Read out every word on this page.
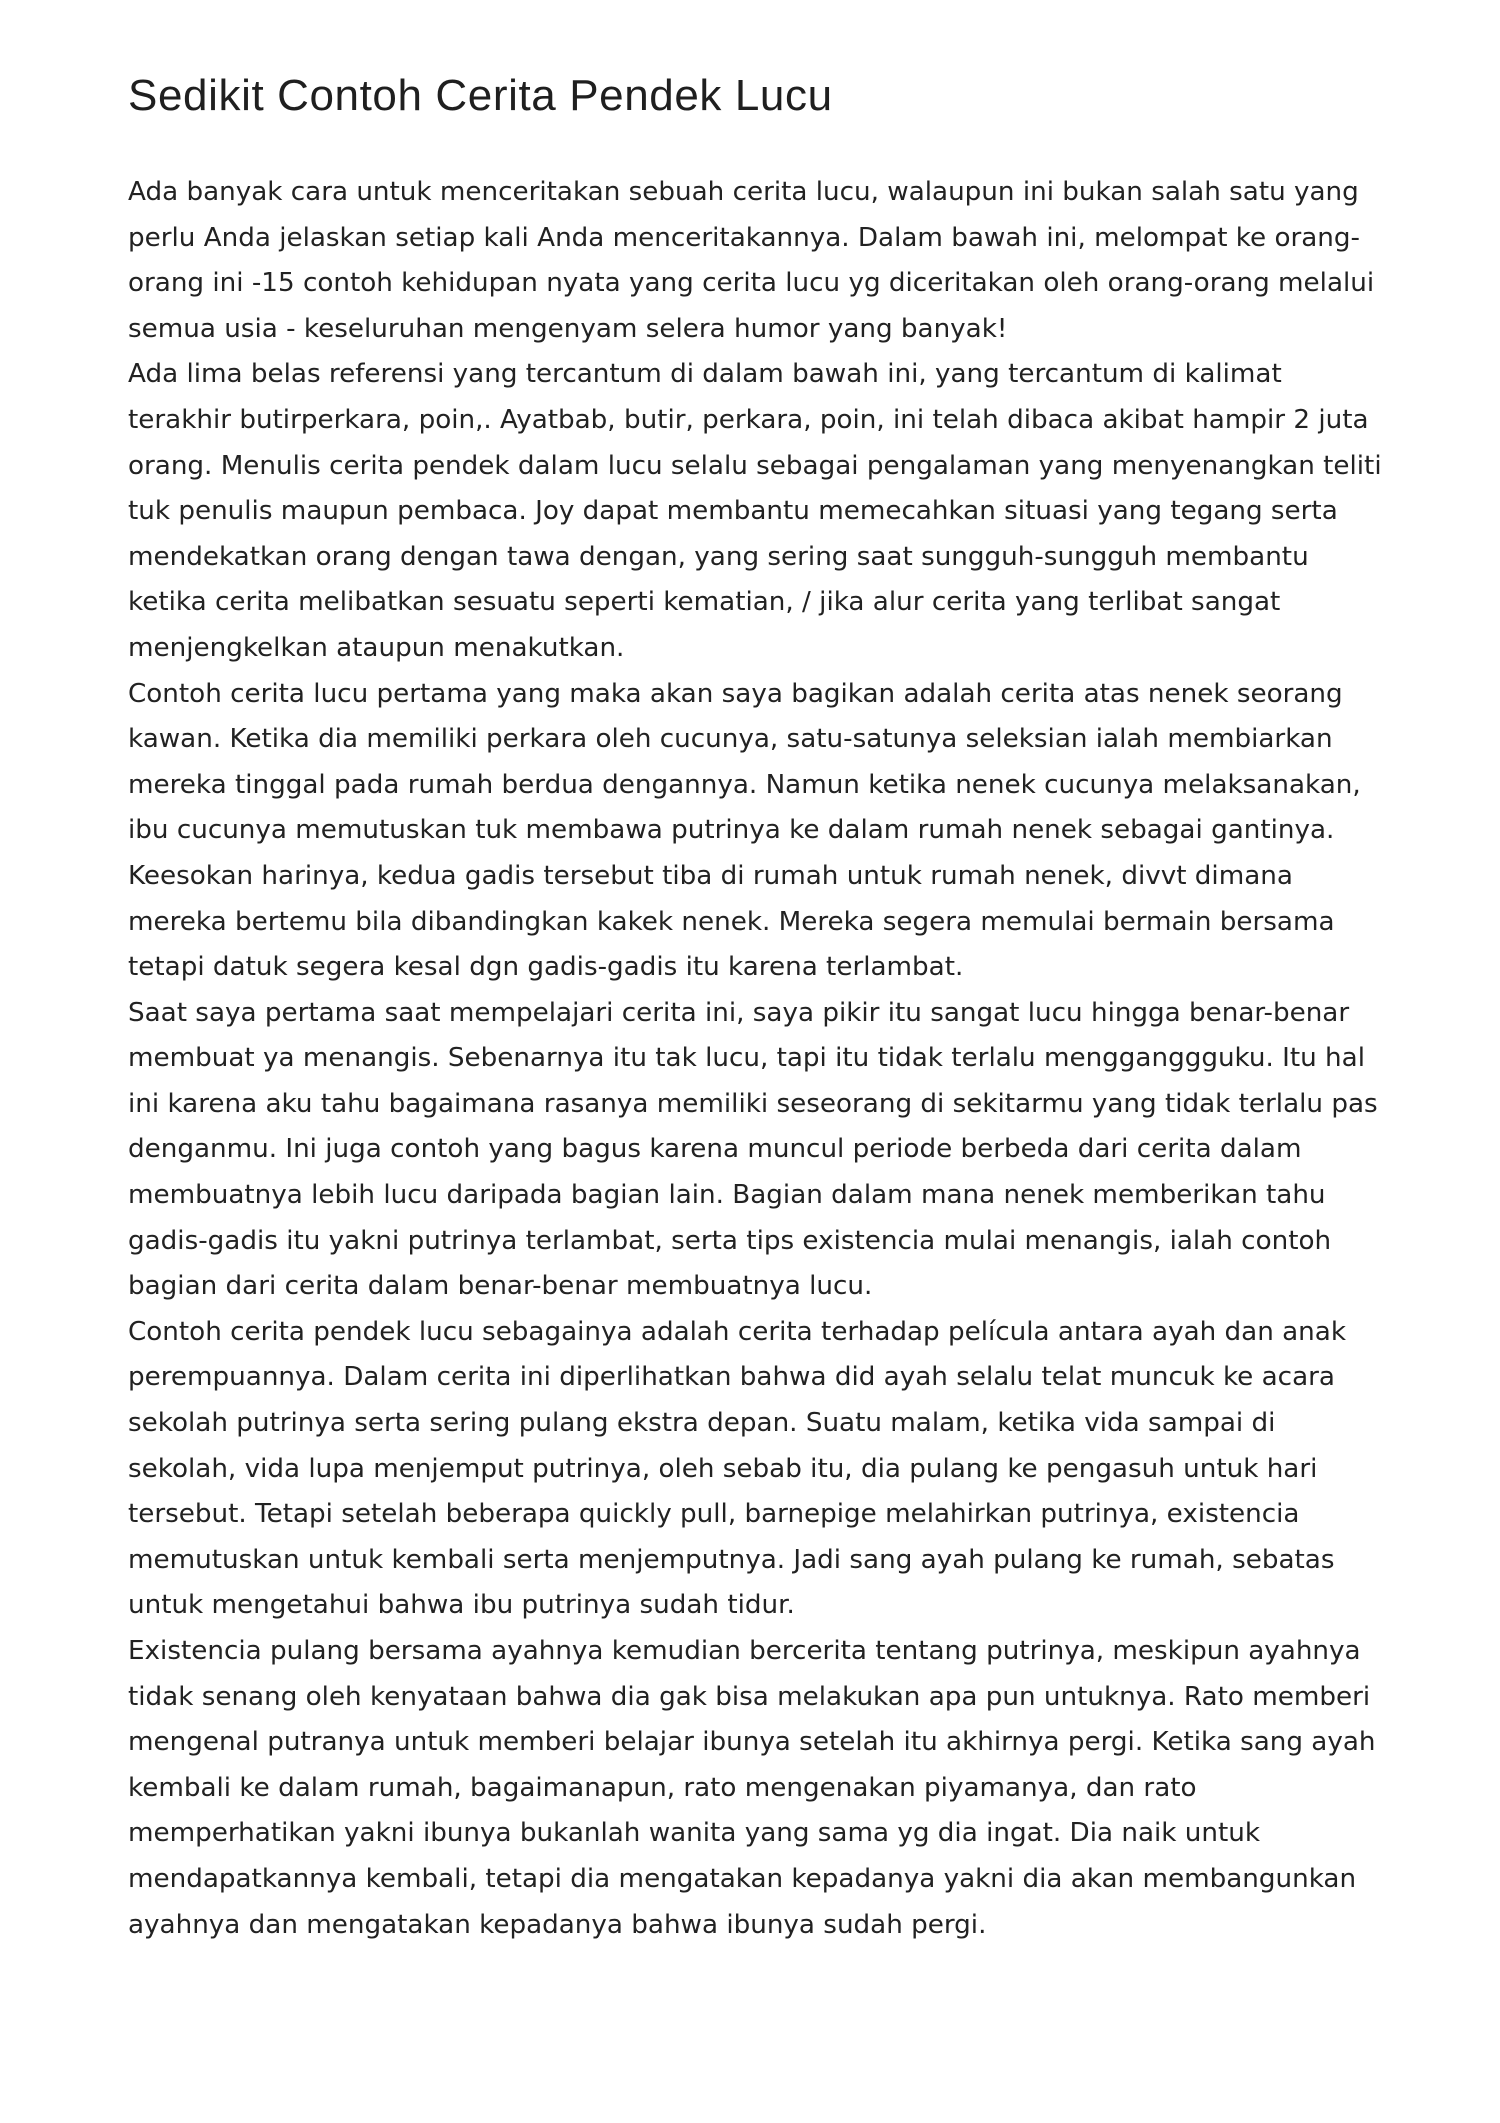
Sedikit Contoh Cerita Pendek Lucu

Ada banyak cara untuk menceritakan sebuah cerita lucu, walaupun ini bukan salah satu yang perlu Anda jelaskan setiap kali Anda menceritakannya. Dalam bawah ini, melompat ke orang-orang ini -15 contoh kehidupan nyata yang cerita lucu yg diceritakan oleh orang-orang melalui semua usia - keseluruhan mengenyam selera humor yang banyak!

Ada lima belas referensi yang tercantum di dalam bawah ini, yang tercantum di kalimat terakhir butirperkara, poin,. Ayatbab, butir, perkara, poin, ini telah dibaca akibat hampir 2 juta orang. Menulis cerita pendek dalam lucu selalu sebagai pengalaman yang menyenangkan teliti tuk penulis maupun pembaca. Joy dapat membantu memecahkan situasi yang tegang serta mendekatkan orang dengan tawa dengan, yang sering saat sungguh-sungguh membantu ketika cerita melibatkan sesuatu seperti kematian, / jika alur cerita yang terlibat sangat menjengkelkan ataupun menakutkan.

Contoh cerita lucu pertama yang maka akan saya bagikan adalah cerita atas nenek seorang kawan. Ketika dia memiliki perkara oleh cucunya, satu-satunya seleksian ialah membiarkan mereka tinggal pada rumah berdua dengannya. Namun ketika nenek cucunya melaksanakan, ibu cucunya memutuskan tuk membawa putrinya ke dalam rumah nenek sebagai gantinya. Keesokan harinya, kedua gadis tersebut tiba di rumah untuk rumah nenek, divvt dimana mereka bertemu bila dibandingkan kakek nenek. Mereka segera memulai bermain bersama tetapi datuk segera kesal dgn gadis-gadis itu karena terlambat.

Saat saya pertama saat mempelajari cerita ini, saya pikir itu sangat lucu hingga benar-benar membuat ya menangis. Sebenarnya itu tak lucu, tapi itu tidak terlalu mengganggguku. Itu hal ini karena aku tahu bagaimana rasanya memiliki seseorang di sekitarmu yang tidak terlalu pas denganmu. Ini juga contoh yang bagus karena muncul periode berbeda dari cerita dalam membuatnya lebih lucu daripada bagian lain. Bagian dalam mana nenek memberikan tahu gadis-gadis itu yakni putrinya terlambat, serta tips existencia mulai menangis, ialah contoh bagian dari cerita dalam benar-benar membuatnya lucu.

Contoh cerita pendek lucu sebagainya adalah cerita terhadap película antara ayah dan anak perempuannya. Dalam cerita ini diperlihatkan bahwa did ayah selalu telat muncuk ke acara sekolah putrinya serta sering pulang ekstra depan. Suatu malam, ketika vida sampai di sekolah, vida lupa menjemput putrinya, oleh sebab itu, dia pulang ke pengasuh untuk hari tersebut. Tetapi setelah beberapa quickly pull, barnepige melahirkan putrinya, existencia memutuskan untuk kembali serta menjemputnya. Jadi sang ayah pulang ke rumah, sebatas untuk mengetahui bahwa ibu putrinya sudah tidur.

Existencia pulang bersama ayahnya kemudian bercerita tentang putrinya, meskipun ayahnya tidak senang oleh kenyataan bahwa dia gak bisa melakukan apa pun untuknya. Rato memberi mengenal putranya untuk memberi belajar ibunya setelah itu akhirnya pergi. Ketika sang ayah kembali ke dalam rumah, bagaimanapun, rato mengenakan piyamanya, dan rato memperhatikan yakni ibunya bukanlah wanita yang sama yg dia ingat. Dia naik untuk mendapatkannya kembali, tetapi dia mengatakan kepadanya yakni dia akan membangunkan ayahnya dan mengatakan kepadanya bahwa ibunya sudah pergi.
